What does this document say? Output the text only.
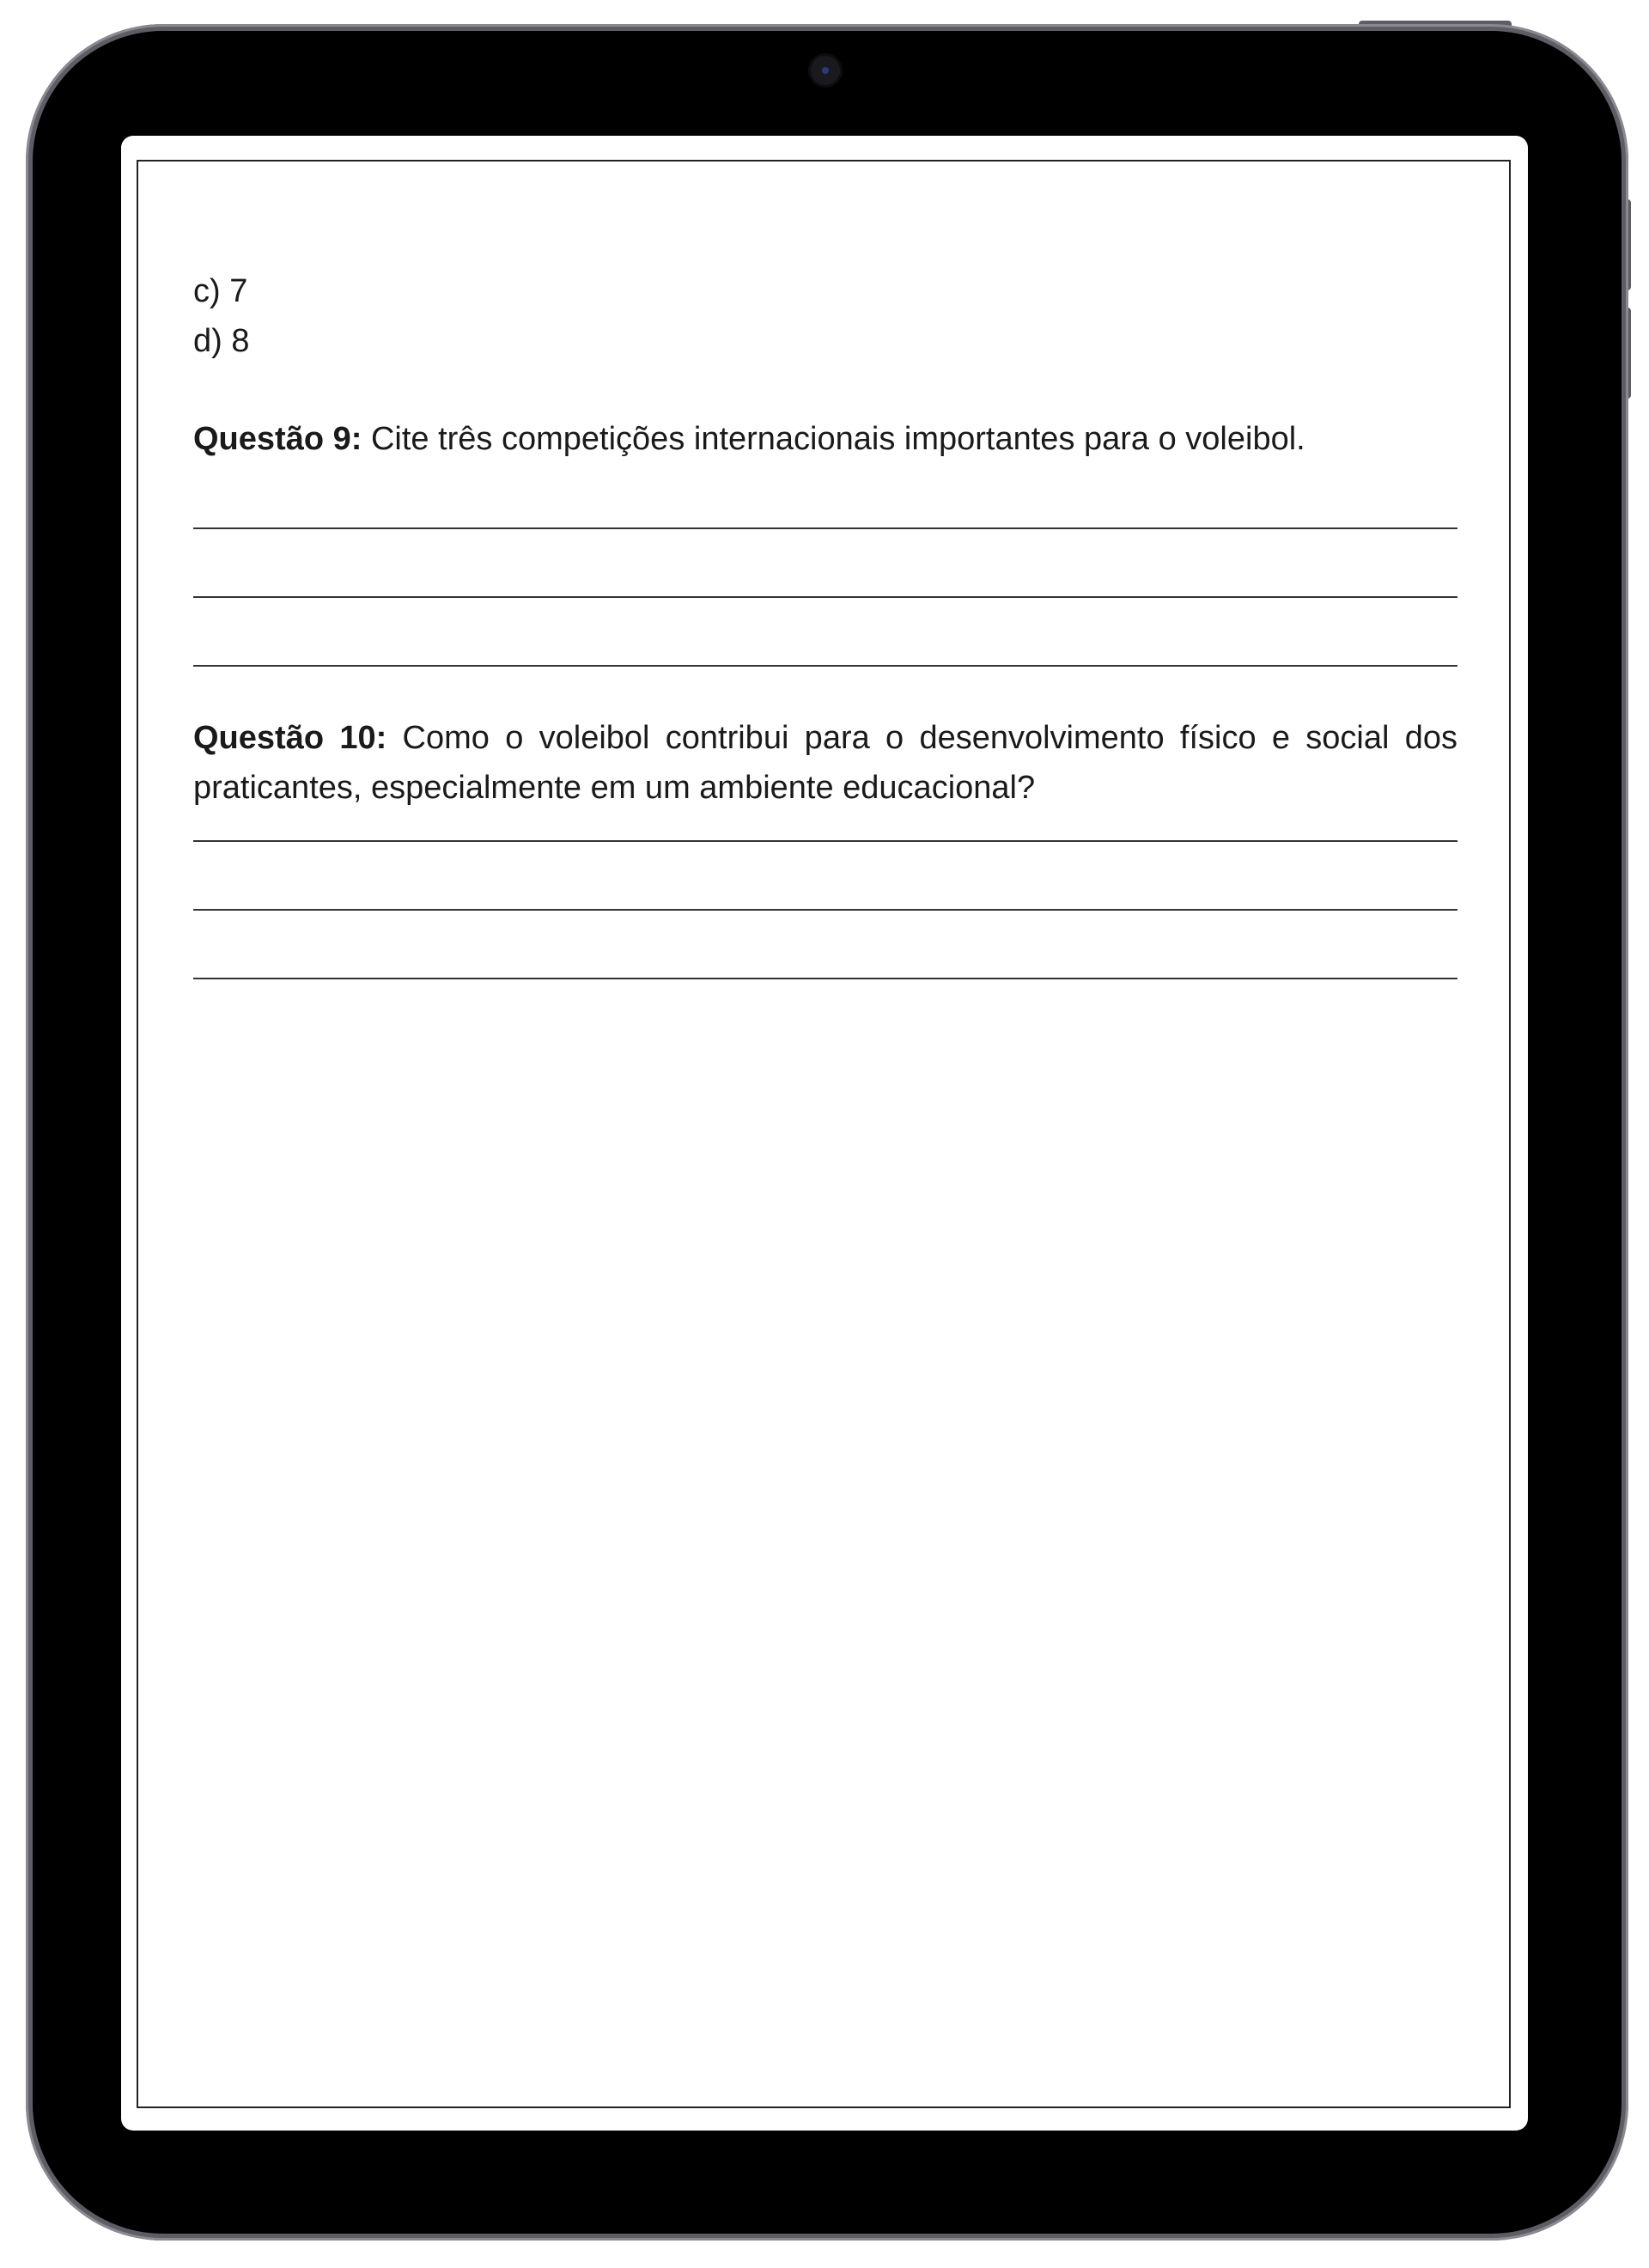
c) 7
d) 8
Questão 9: Cite três competições internacionais importantes para o voleibol.
Questão 10: Como o voleibol contribui para o desenvolvimento físico e social dos praticantes, especialmente em um ambiente educacional?
